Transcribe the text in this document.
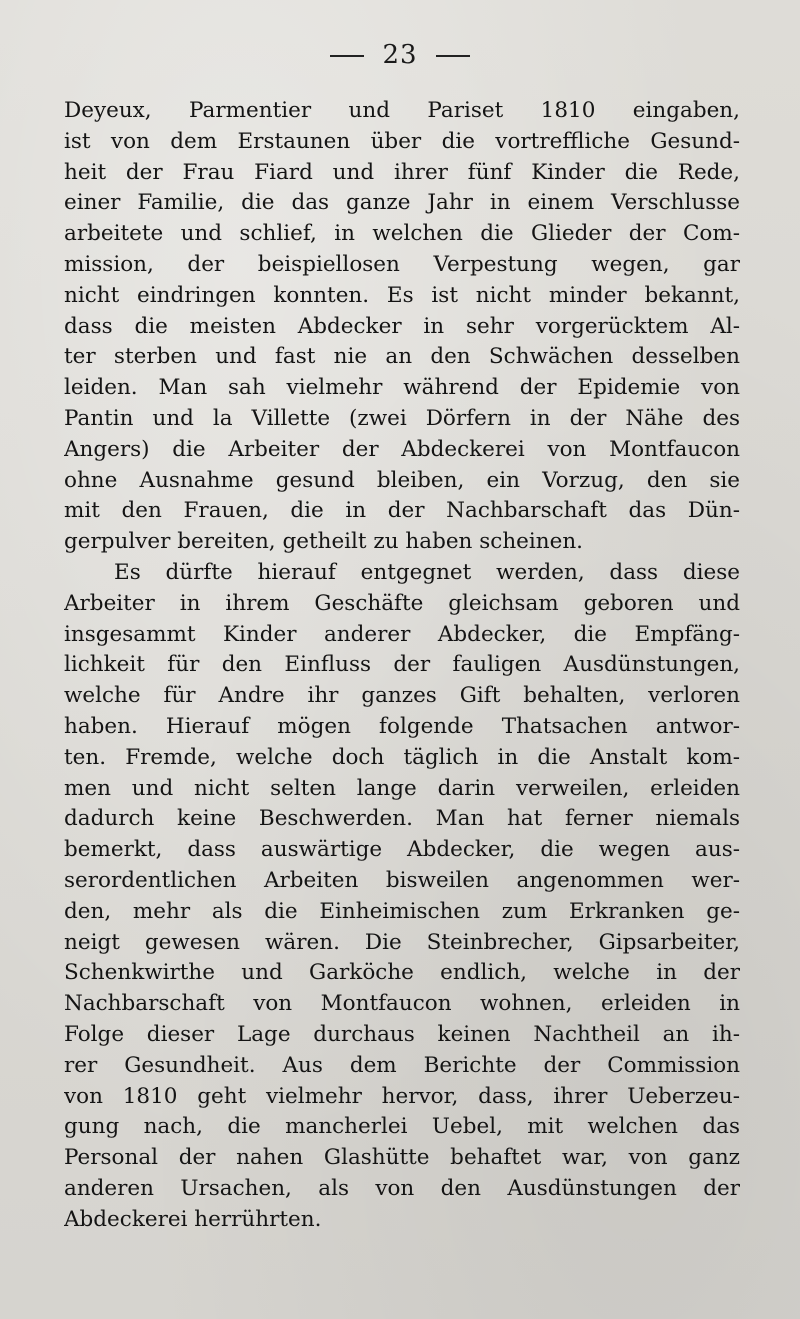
23
Deyeux, Parmentier und Pariset 1810 eingaben,
ist von dem Erstaunen über die vortreffliche Gesund-
heit der Frau Fiard und ihrer fünf Kinder die Rede,
einer Familie, die das ganze Jahr in einem Verschlusse
arbeitete und schlief, in welchen die Glieder der Com-
mission, der beispiellosen Verpestung wegen, gar
nicht eindringen konnten. Es ist nicht minder bekannt,
dass die meisten Abdecker in sehr vorgerücktem Al-
ter sterben und fast nie an den Schwächen desselben
leiden. Man sah vielmehr während der Epidemie von
Pantin und la Villette (zwei Dörfern in der Nähe des
Angers) die Arbeiter der Abdeckerei von Montfaucon
ohne Ausnahme gesund bleiben, ein Vorzug, den sie
mit den Frauen, die in der Nachbarschaft das Dün-
gerpulver bereiten, getheilt zu haben scheinen.
Es dürfte hierauf entgegnet werden, dass diese
Arbeiter in ihrem Geschäfte gleichsam geboren und
insgesammt Kinder anderer Abdecker, die Empfäng-
lichkeit für den Einfluss der fauligen Ausdünstungen,
welche für Andre ihr ganzes Gift behalten, verloren
haben. Hierauf mögen folgende Thatsachen antwor-
ten. Fremde, welche doch täglich in die Anstalt kom-
men und nicht selten lange darin verweilen, erleiden
dadurch keine Beschwerden. Man hat ferner niemals
bemerkt, dass auswärtige Abdecker, die wegen aus-
serordentlichen Arbeiten bisweilen angenommen wer-
den, mehr als die Einheimischen zum Erkranken ge-
neigt gewesen wären. Die Steinbrecher, Gipsarbeiter,
Schenkwirthe und Garköche endlich, welche in der
Nachbarschaft von Montfaucon wohnen, erleiden in
Folge dieser Lage durchaus keinen Nachtheil an ih-
rer Gesundheit. Aus dem Berichte der Commission
von 1810 geht vielmehr hervor, dass, ihrer Ueberzeu-
gung nach, die mancherlei Uebel, mit welchen das
Personal der nahen Glashütte behaftet war, von ganz
anderen Ursachen, als von den Ausdünstungen der
Abdeckerei herrührten.
